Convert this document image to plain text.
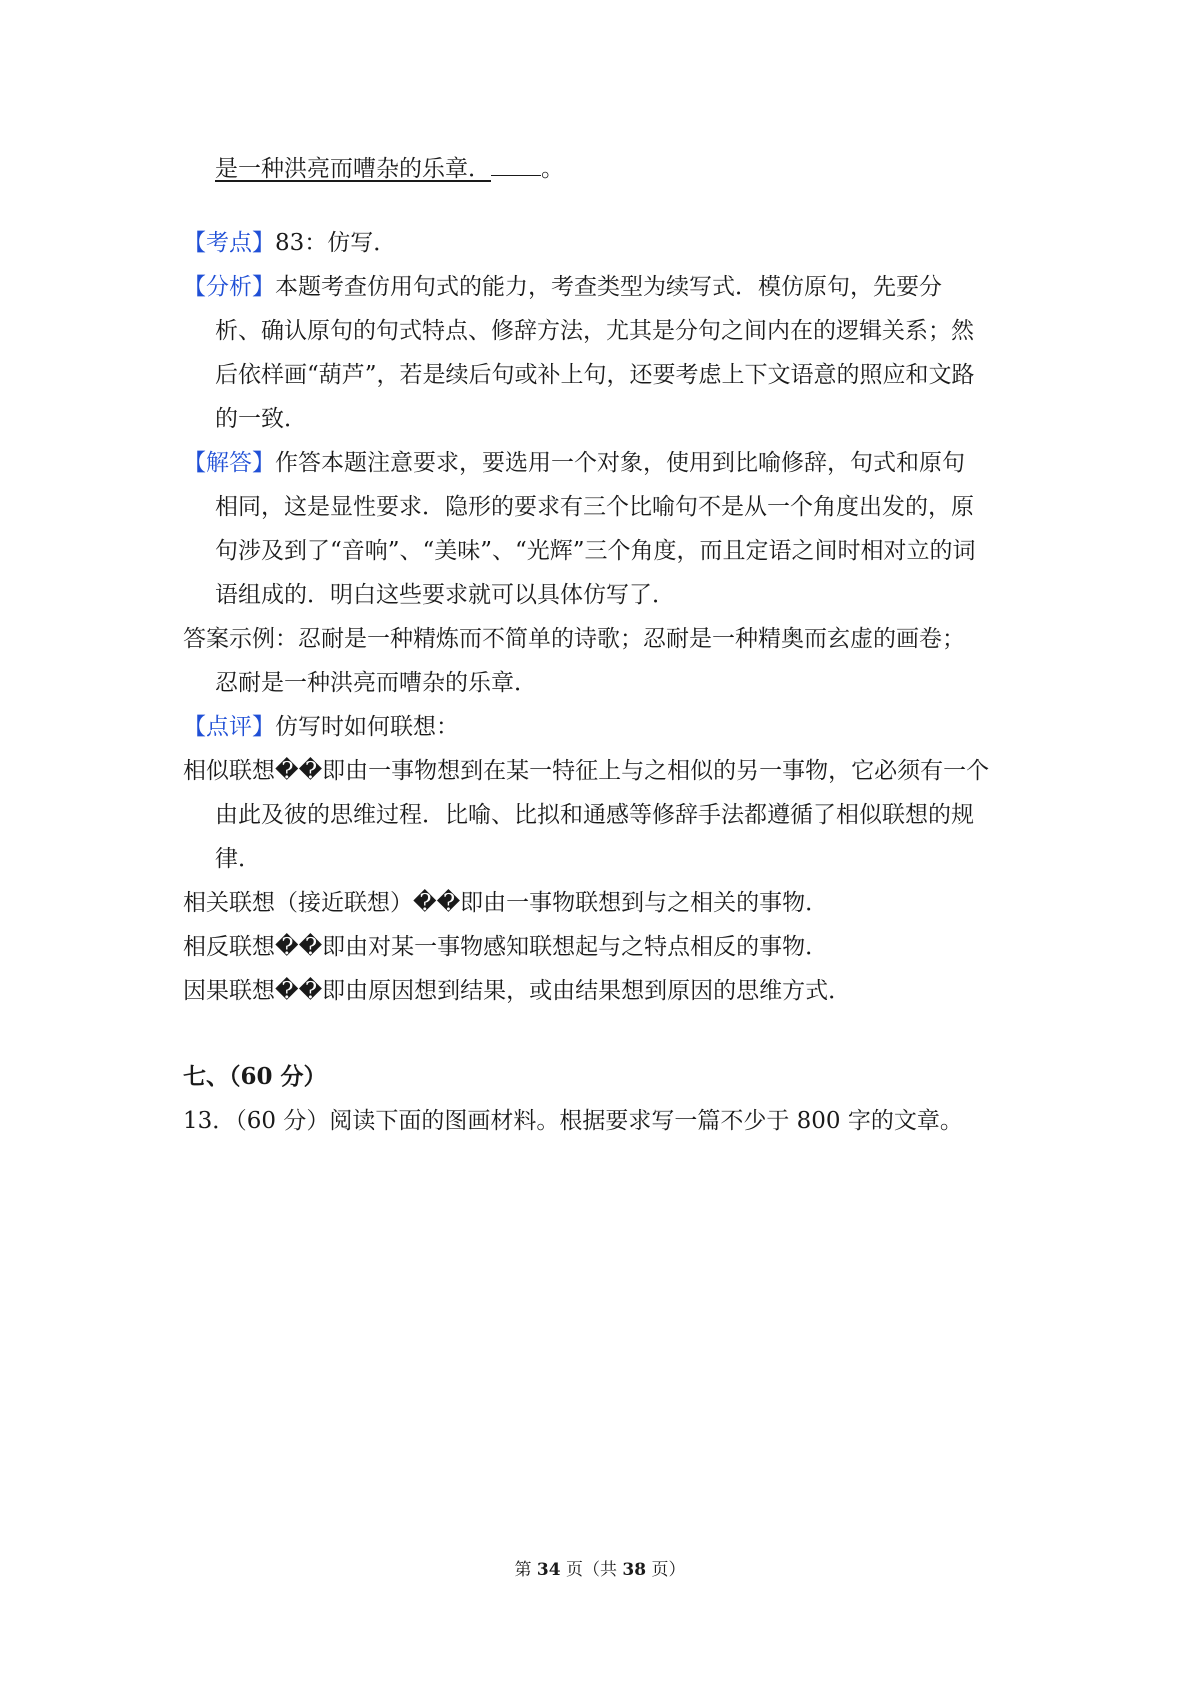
是一种洪亮而嘈杂的乐章． 。
【考点】83：仿写．
【分析】本题考查仿用句式的能力，考查类型为续写式．模仿原句，先要分
析、确认原句的句式特点、修辞方法，尤其是分句之间内在的逻辑关系；然
后依样画“葫芦”，若是续后句或补上句，还要考虑上下文语意的照应和文路
的一致．
【解答】作答本题注意要求，要选用一个对象，使用到比喻修辞，句式和原句
相同，这是显性要求．隐形的要求有三个比喻句不是从一个角度出发的，原
句涉及到了“音响”、“美味”、“光辉”三个角度，而且定语之间时相对立的词
语组成的．明白这些要求就可以具体仿写了．
答案示例：忍耐是一种精炼而不简单的诗歌；忍耐是一种精奥而玄虚的画卷；
忍耐是一种洪亮而嘈杂的乐章．
【点评】仿写时如何联想：
相似联想��即由一事物想到在某一特征上与之相似的另一事物，它必须有一个
由此及彼的思维过程．比喻、比拟和通感等修辞手法都遵循了相似联想的规
律．
相关联想（接近联想）��即由一事物联想到与之相关的事物．
相反联想��即由对某一事物感知联想起与之特点相反的事物．
因果联想��即由原因想到结果，或由结果想到原因的思维方式．
七、（60 分）
13．（60 分）阅读下面的图画材料。根据要求写一篇不少于 800 字的文章。
第 34 页（共 38 页）
